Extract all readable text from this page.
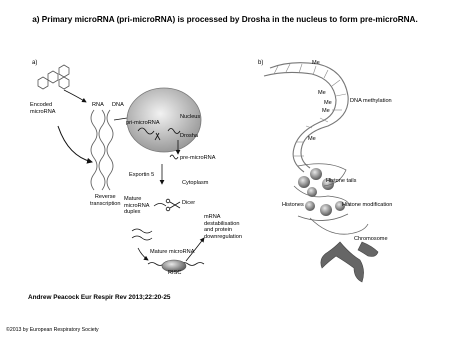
a) Primary microRNA (pri-microRNA) is processed by Drosha in the nucleus to form pre-microRNA.
a)
Encoded
microRNA
RNA DNA
Reverse
transcription
pri-microRNA
Nucleus
Drosha
pre-microRNA
Exportin 5
Cytoplasm
Mature
microRNA
duplex
Dicer
mRNA
destabilisation
and protein
downregulation
Mature microRNA
RISC
b)	Me
Me
Me
Me
Me
DNA methylation
Histone tails
Histones	Histone modification
Chromosome
Andrew Peacock Eur Respir Rev 2013;22:20-25
©2013 by European Respiratory Society
